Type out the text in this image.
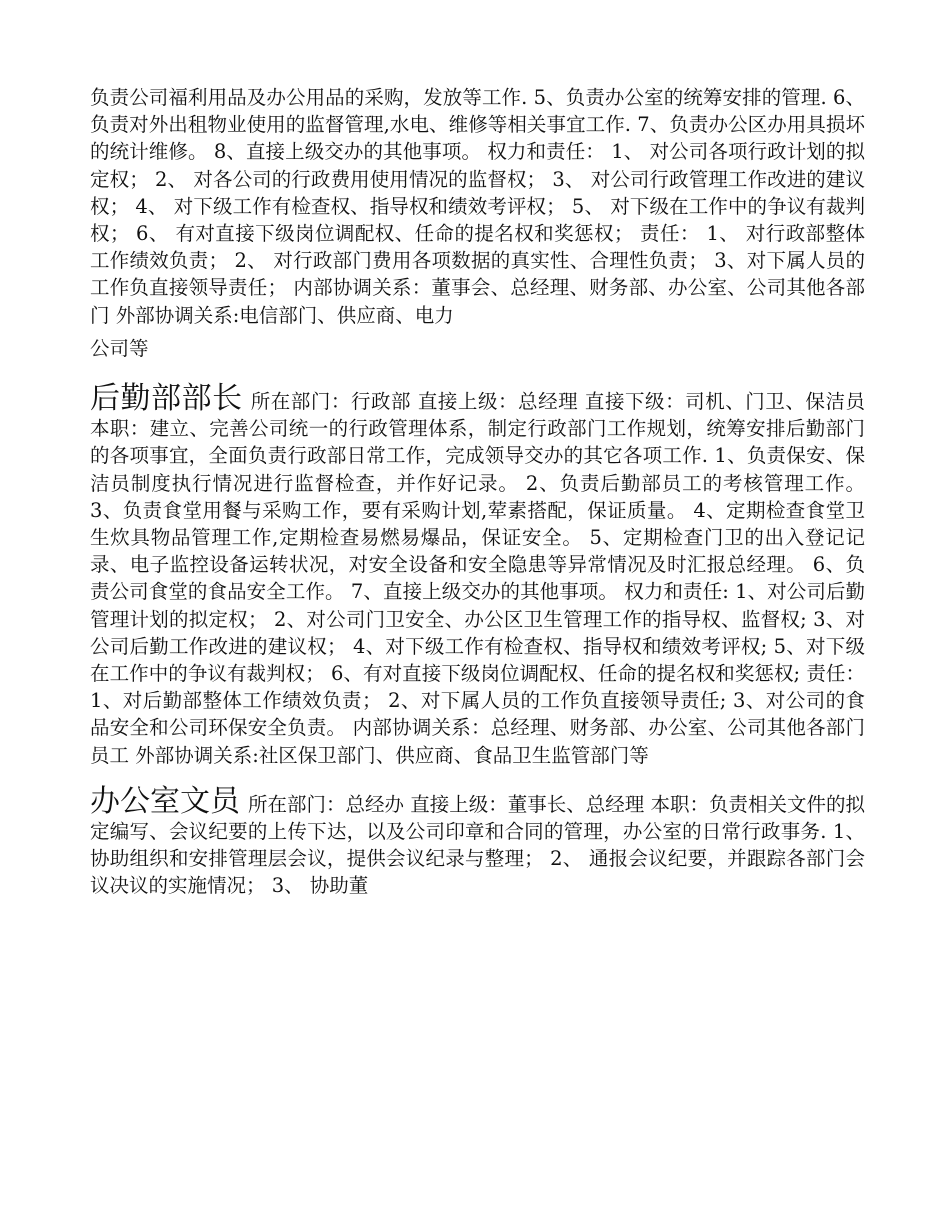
负责公司福利用品及办公用品的采购，发放等工作. 5、负责办公室的统筹安排的管理. 6、负责对外出租物业使用的监督管理,水电、维修等相关事宜工作. 7、负责办公区办用具损坏的统计维修。 8、直接上级交办的其他事项。 权力和责任： 1、 对公司各项行政计划的拟定权； 2、 对各公司的行政费用使用情况的监督权； 3、 对公司行政管理工作改进的建议权； 4、 对下级工作有检查权、指导权和绩效考评权； 5、 对下级在工作中的争议有裁判权； 6、 有对直接下级岗位调配权、任命的提名权和奖惩权； 责任： 1、 对行政部整体工作绩效负责； 2、 对行政部门费用各项数据的真实性、合理性负责； 3、对下属人员的工作负直接领导责任； 内部协调关系：董事会、总经理、财务部、办公室、公司其他各部门 外部协调关系:电信部门、供应商、电力

公司等

后勤部部长 所在部门：行政部 直接上级：总经理 直接下级：司机、门卫、保洁员 本职：建立、完善公司统一的行政管理体系，制定行政部门工作规划，统筹安排后勤部门的各项事宜，全面负责行政部日常工作，完成领导交办的其它各项工作. 1、负责保安、保洁员制度执行情况进行监督检查，并作好记录。 2、负责后勤部员工的考核管理工作。 3、负责食堂用餐与采购工作，要有采购计划,荤素搭配，保证质量。 4、定期检查食堂卫生炊具物品管理工作,定期检查易燃易爆品，保证安全。 5、定期检查门卫的出入登记记录、电子监控设备运转状况，对安全设备和安全隐患等异常情况及时汇报总经理。 6、负责公司食堂的食品安全工作。 7、直接上级交办的其他事项。 权力和责任: 1、对公司后勤管理计划的拟定权； 2、对公司门卫安全、办公区卫生管理工作的指导权、监督权; 3、对公司后勤工作改进的建议权； 4、对下级工作有检查权、指导权和绩效考评权; 5、对下级在工作中的争议有裁判权； 6、有对直接下级岗位调配权、任命的提名权和奖惩权; 责任： 1、对后勤部整体工作绩效负责； 2、对下属人员的工作负直接领导责任; 3、对公司的食品安全和公司环保安全负责。 内部协调关系：总经理、财务部、办公室、公司其他各部门员工 外部协调关系:社区保卫部门、供应商、食品卫生监管部门等

办公室文员 所在部门：总经办 直接上级：董事长、总经理 本职：负责相关文件的拟定编写、会议纪要的上传下达，以及公司印章和合同的管理，办公室的日常行政事务. 1、 协助组织和安排管理层会议，提供会议纪录与整理； 2、 通报会议纪要，并跟踪各部门会议决议的实施情况； 3、 协助董
